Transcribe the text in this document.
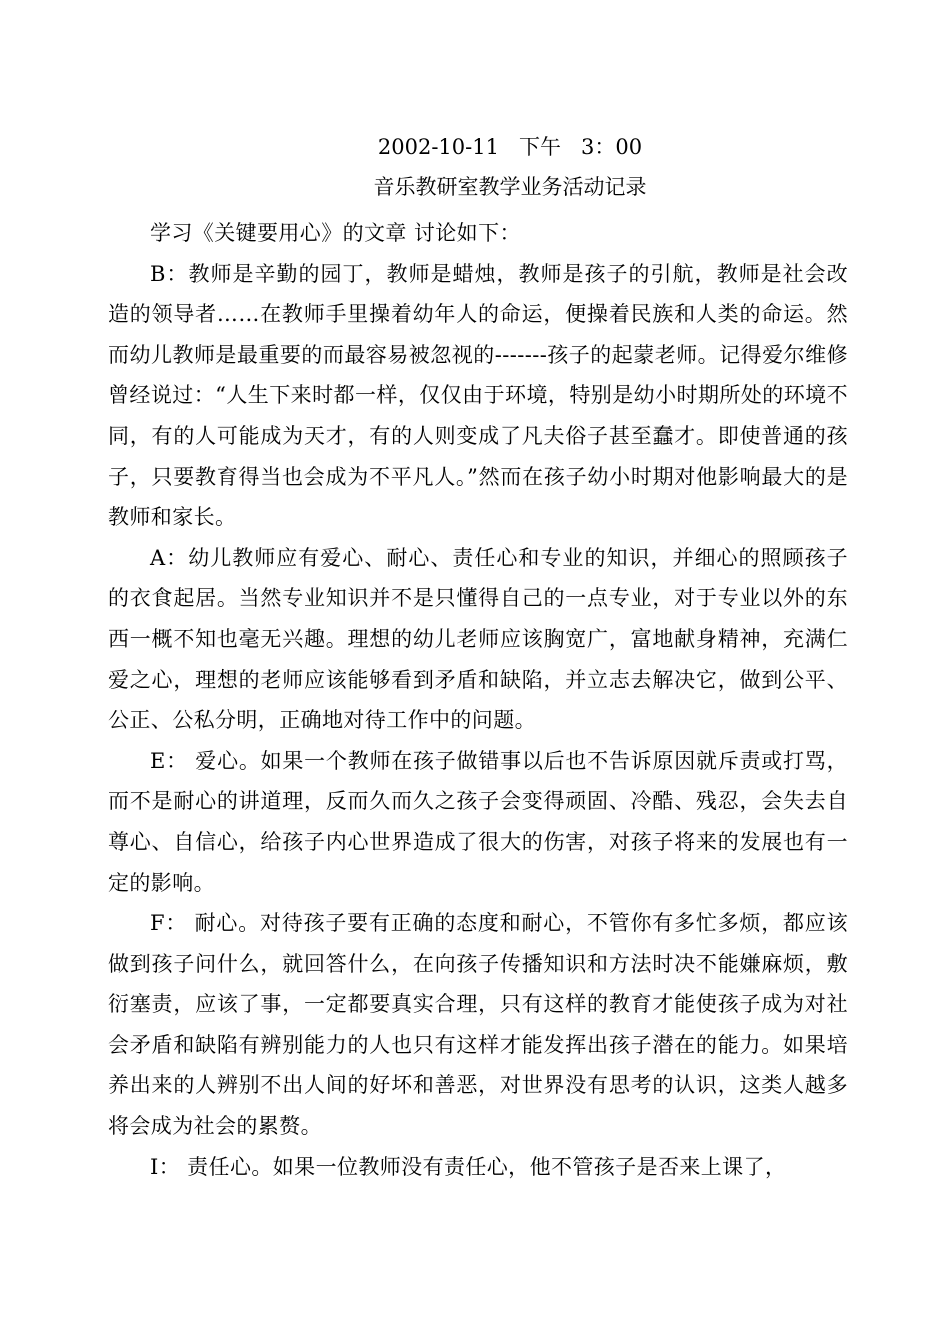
2002-10-11   下午   3：00
音乐教研室教学业务活动记录

学习《关键要用心》的文章 讨论如下：

B：教师是辛勤的园丁，教师是蜡烛，教师是孩子的引航，教师是社会改造的领导者……在教师手里操着幼年人的命运，便操着民族和人类的命运。然而幼儿教师是最重要的而最容易被忽视的-------孩子的起蒙老师。记得爱尔维修曾经说过：“人生下来时都一样，仅仅由于环境，特别是幼小时期所处的环境不同，有的人可能成为天才，有的人则变成了凡夫俗子甚至蠢才。即使普通的孩子，只要教育得当也会成为不平凡人。”然而在孩子幼小时期对他影响最大的是教师和家长。

A：幼儿教师应有爱心、耐心、责任心和专业的知识，并细心的照顾孩子的衣食起居。当然专业知识并不是只懂得自己的一点专业，对于专业以外的东西一概不知也毫无兴趣。理想的幼儿老师应该胸宽广，富地献身精神，充满仁爱之心，理想的老师应该能够看到矛盾和缺陷，并立志去解决它，做到公平、公正、公私分明，正确地对待工作中的问题。

E： 爱心。如果一个教师在孩子做错事以后也不告诉原因就斥责或打骂，而不是耐心的讲道理，反而久而久之孩子会变得顽固、冷酷、残忍，会失去自尊心、自信心，给孩子内心世界造成了很大的伤害，对孩子将来的发展也有一定的影响。

F： 耐心。对待孩子要有正确的态度和耐心，不管你有多忙多烦，都应该做到孩子问什么，就回答什么，在向孩子传播知识和方法时决不能嫌麻烦，敷衍塞责，应该了事，一定都要真实合理，只有这样的教育才能使孩子成为对社会矛盾和缺陷有辨别能力的人也只有这样才能发挥出孩子潜在的能力。如果培养出来的人辨别不出人间的好坏和善恶，对世界没有思考的认识，这类人越多将会成为社会的累赘。

I： 责任心。如果一位教师没有责任心，他不管孩子是否来上课了，
